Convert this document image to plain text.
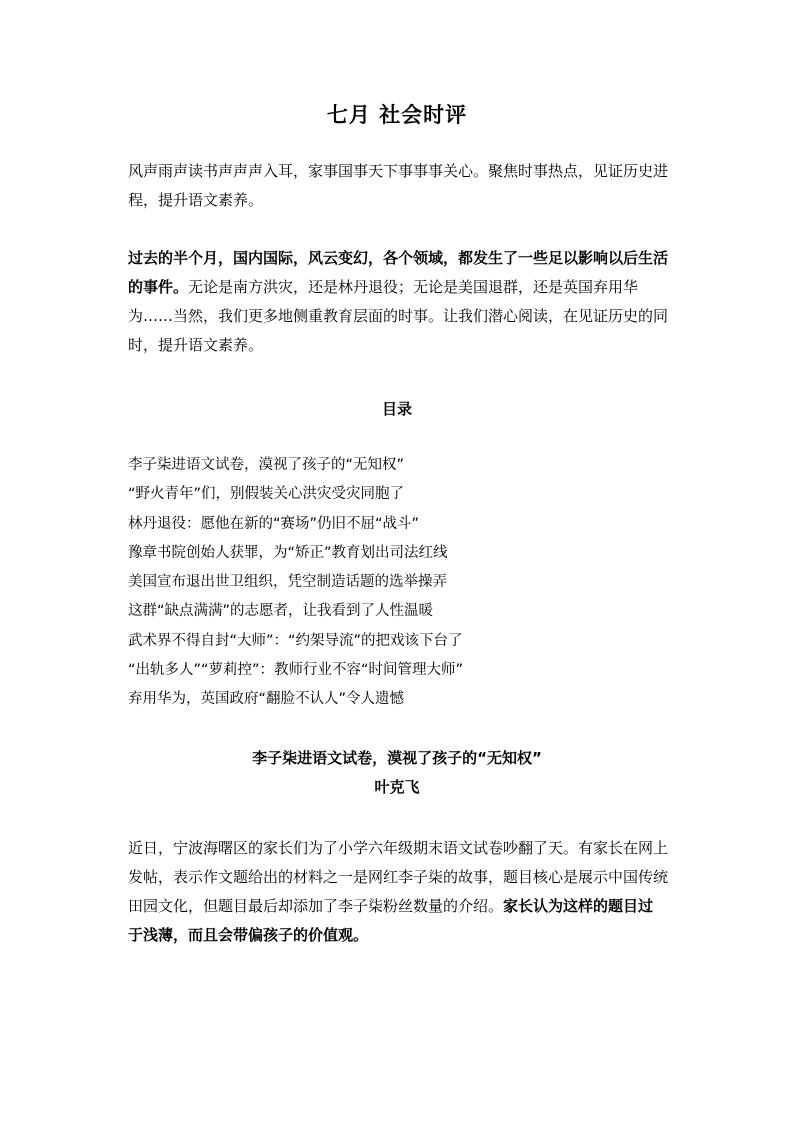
七月 社会时评

风声雨声读书声声声入耳，家事国事天下事事事关心。聚焦时事热点，见证历史进程，提升语文素养。

过去的半个月，国内国际，风云变幻，各个领域，都发生了一些足以影响以后生活的事件。无论是南方洪灾，还是林丹退役；无论是美国退群，还是英国弃用华为……当然，我们更多地侧重教育层面的时事。让我们潜心阅读，在见证历史的同时，提升语文素养。

目录
李子柒进语文试卷，漠视了孩子的“无知权”
“野火青年”们，别假装关心洪灾受灾同胞了
林丹退役：愿他在新的“赛场”仍旧不屈“战斗”
豫章书院创始人获罪，为“矫正”教育划出司法红线
美国宣布退出世卫组织，凭空制造话题的选举操弄
这群“缺点满满”的志愿者，让我看到了人性温暖
武术界不得自封“大师”：“约架导流”的把戏该下台了
“出轨多人”“萝莉控”：教师行业不容“时间管理大师”
弃用华为，英国政府“翻脸不认人”令人遗憾
李子柒进语文试卷，漠视了孩子的“无知权”
叶克飞

近日，宁波海曙区的家长们为了小学六年级期末语文试卷吵翻了天。有家长在网上发帖，表示作文题给出的材料之一是网红李子柒的故事，题目核心是展示中国传统田园文化，但题目最后却添加了李子柒粉丝数量的介绍。家长认为这样的题目过于浅薄，而且会带偏孩子的价值观。
